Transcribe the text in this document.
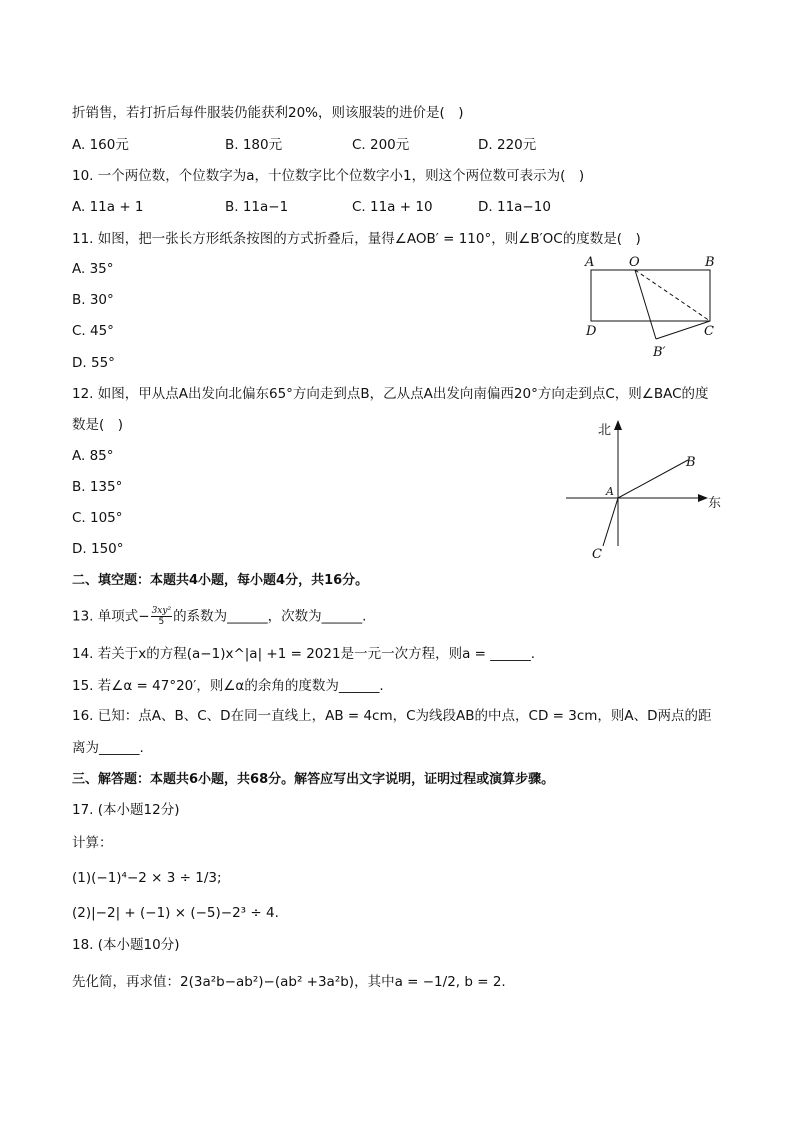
折销售，若打折后每件服装仍能获利20%，则该服装的进价是(　)
A. 160元	B. 180元	C. 200元	D. 220元
10. 一个两位数，个位数字为a，十位数字比个位数字小1，则这个两位数可表示为(　)
A. 11a + 1	B. 11a−1	C. 11a + 10	D. 11a−10
11. 如图，把一张长方形纸条按图的方式折叠后，量得∠AOB′ = 110°，则∠B′OC的度数是(　)
A. 35°
B. 30°
C. 45°
D. 55°
A	O	B
D	C
B′
12. 如图，甲从点A出发向北偏东65°方向走到点B，乙从点A出发向南偏西20°方向走到点C，则∠BAC的度
数是(　)
A. 85°
B. 135°
C. 105°
D. 150°
北
东
A
B
C
二、填空题：本题共4小题，每小题4分，共16分。
13. 单项式− $\frac{\text{3xy²}}{5}$ 的系数为______，次数为______.
14. 若关于x的方程(a−1)x^|a| +1 = 2021是一元一次方程，则a = ______.
15. 若∠α = 47°20′，则∠α的余角的度数为______.
16. 已知：点A、B、C、D在同一直线上，AB = 4cm，C为线段AB的中点，CD = 3cm，则A、D两点的距
离为______.
三、解答题：本题共6小题，共68分。解答应写出文字说明，证明过程或演算步骤。
17. (本小题12分)
计算：
(1)(−1)⁴−2 × 3 ÷ 1/3;
(2)|−2| + (−1) × (−5)−2³ ÷ 4.
18. (本小题10分)
先化简，再求值：2(3a²b−ab²)−(ab² +3a²b)，其中a = −1/2, b = 2.
